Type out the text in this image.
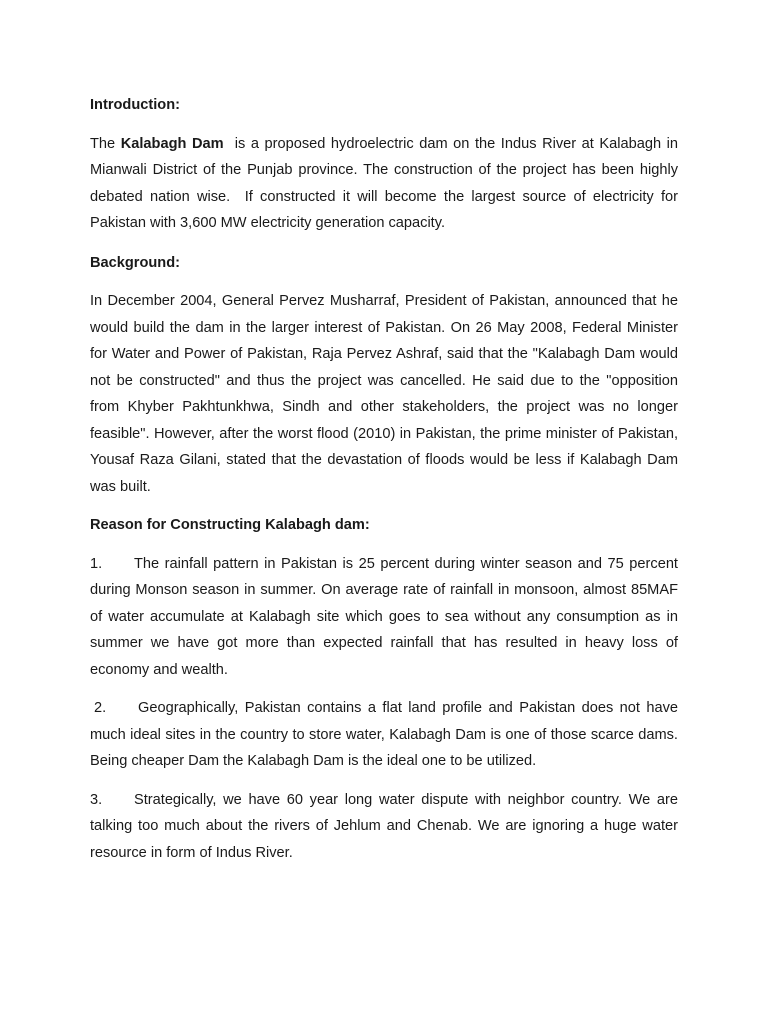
Introduction:

The Kalabagh Dam  is a proposed hydroelectric dam on the Indus River at Kalabagh in Mianwali District of the Punjab province. The construction of the project has been highly debated nation wise.  If constructed it will become the largest source of electricity for Pakistan with 3,600 MW electricity generation capacity.

Background:

In December 2004, General Pervez Musharraf, President of Pakistan, announced that he would build the dam in the larger interest of Pakistan. On 26 May 2008, Federal Minister for Water and Power of Pakistan, Raja Pervez Ashraf, said that the "Kalabagh Dam would not be constructed" and thus the project was cancelled. He said due to the "opposition from Khyber Pakhtunkhwa, Sindh and other stakeholders, the project was no longer feasible". However, after the worst flood (2010) in Pakistan, the prime minister of Pakistan, Yousaf Raza Gilani, stated that the devastation of floods would be less if Kalabagh Dam was built.

Reason for Constructing Kalabagh dam:

1. The rainfall pattern in Pakistan is 25 percent during winter season and 75 percent during Monson season in summer. On average rate of rainfall in monsoon, almost 85MAF of water accumulate at Kalabagh site which goes to sea without any consumption as in summer we have got more than expected rainfall that has resulted in heavy loss of economy and wealth.

2. Geographically, Pakistan contains a flat land profile and Pakistan does not have much ideal sites in the country to store water, Kalabagh Dam is one of those scarce dams. Being cheaper Dam the Kalabagh Dam is the ideal one to be utilized.

3. Strategically, we have 60 year long water dispute with neighbor country. We are talking too much about the rivers of Jehlum and Chenab. We are ignoring a huge water resource in form of Indus River.
